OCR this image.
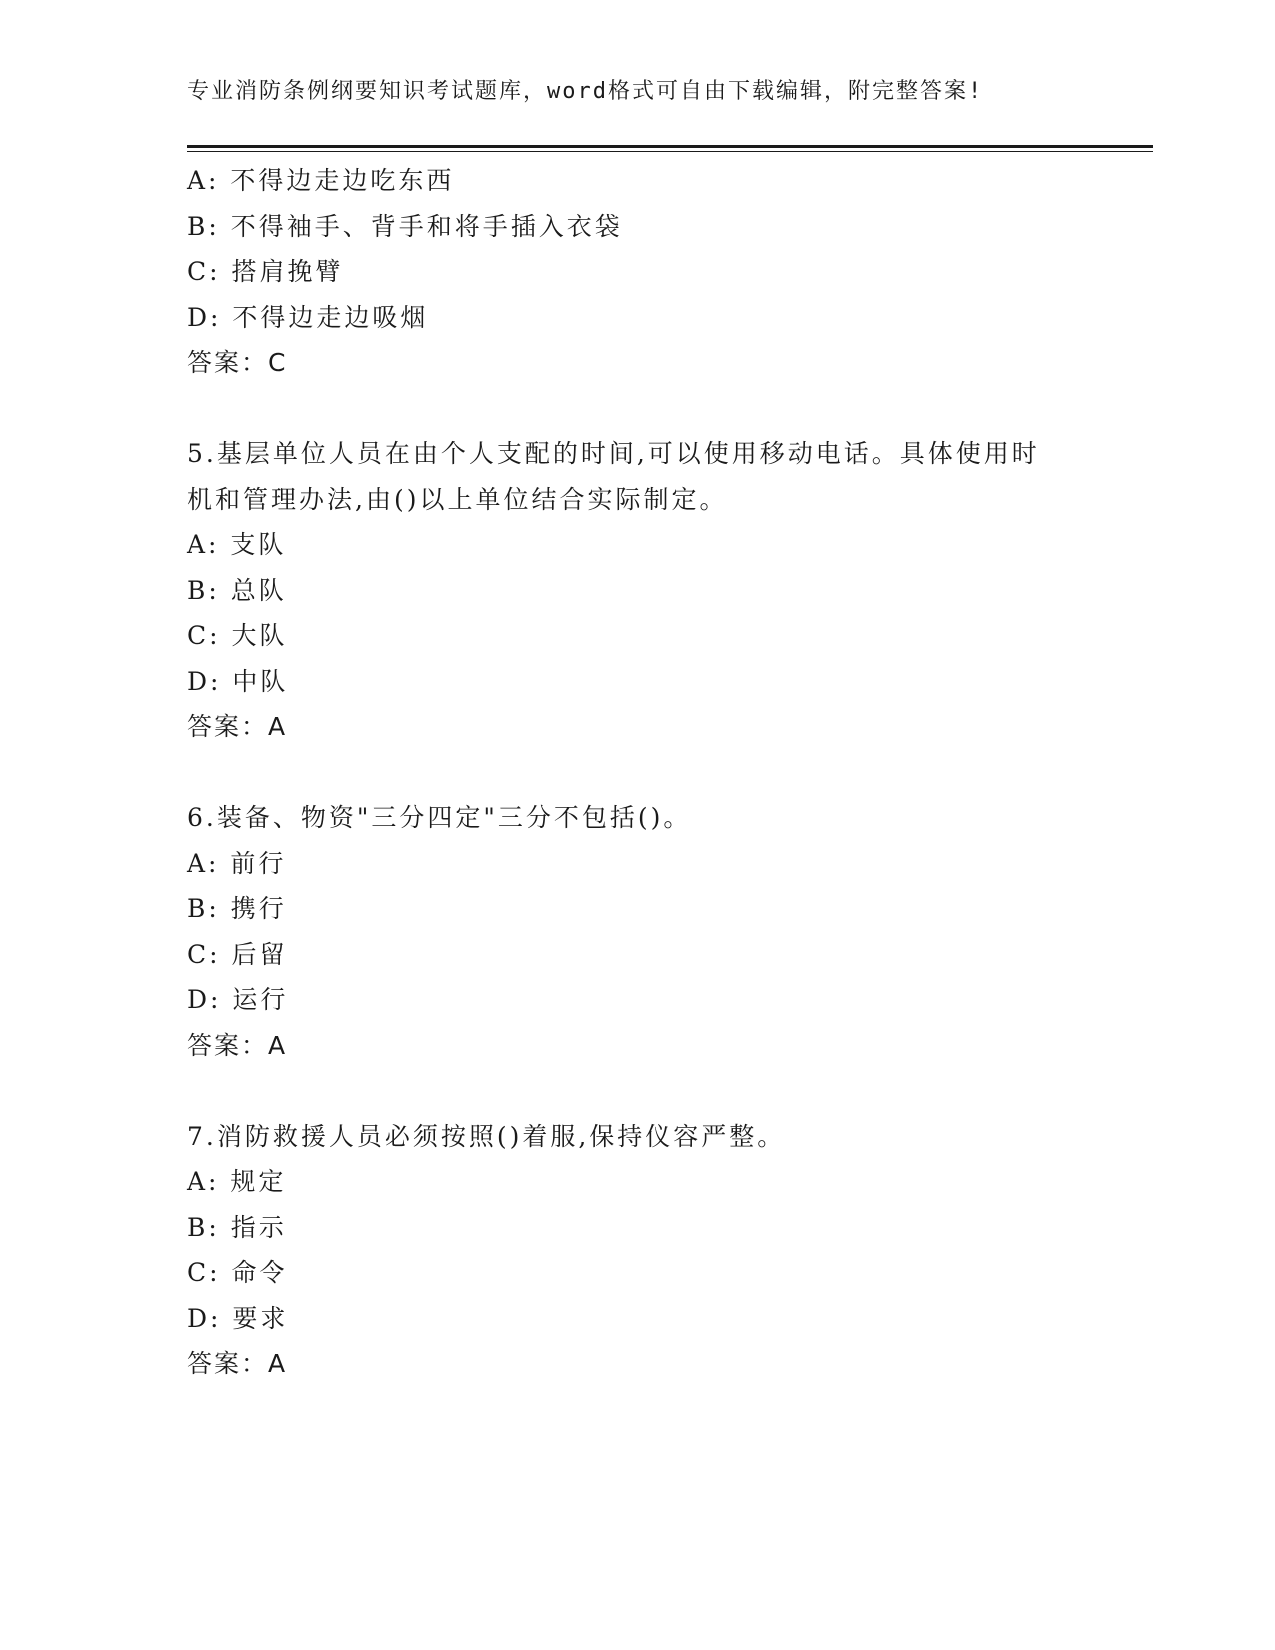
专业消防条例纲要知识考试题库，word格式可自由下载编辑，附完整答案!
A: 不得边走边吃东西
B: 不得袖手、背手和将手插入衣袋
C: 搭肩挽臂
D: 不得边走边吸烟
答案：C
5.基层单位人员在由个人支配的时间,可以使用移动电话。具体使用时
机和管理办法,由()以上单位结合实际制定。
A: 支队
B: 总队
C: 大队
D: 中队
答案：A
6.装备、物资"三分四定"三分不包括()。
A: 前行
B: 携行
C: 后留
D: 运行
答案：A
7.消防救援人员必须按照()着服,保持仪容严整。
A: 规定
B: 指示
C: 命令
D: 要求
答案：A
